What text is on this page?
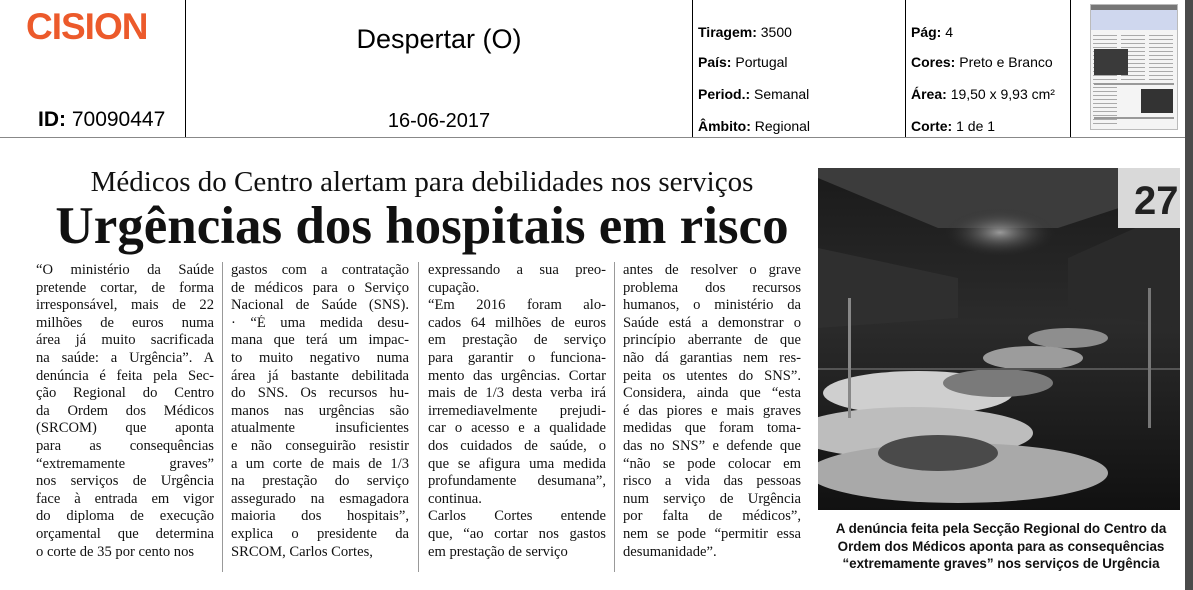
CISION
ID: 70090447
Despertar (O)
16-06-2017
Tiragem: 3500
País: Portugal
Period.: Semanal
Âmbito: Regional
Pág: 4
Cores: Preto e Branco
Área: 19,50 x 9,93 cm²
Corte: 1 de 1
Médicos do Centro alertam para debilidades nos serviços
Urgências dos hospitais em risco
“O ministério da Saúde
pretende cortar, de forma
irresponsável, mais de 22
milhões de euros numa
área já muito sacrificada
na saúde: a Urgência”. A
denúncia é feita pela Sec-
ção Regional do Centro
da Ordem dos Médicos
(SRCOM) que aponta
para as consequências
“extremamente graves”
nos serviços de Urgência
face à entrada em vigor
do diploma de execução
orçamental que determina
o corte de 35 por cento nos
gastos com a contratação
de médicos para o Serviço
Nacional de Saúde (SNS).
· “É uma medida desu-
mana que terá um impac-
to muito negativo numa
área já bastante debilitada
do SNS. Os recursos hu-
manos nas urgências são
atualmente insuficientes
e não conseguirão resistir
a um corte de mais de 1/3
na prestação do serviço
assegurado na esmagadora
maioria dos hospitais”,
explica o presidente da
SRCOM, Carlos Cortes,
expressando a sua preo-
cupação.
“Em 2016 foram alo-
cados 64 milhões de euros
em prestação de serviço
para garantir o funciona-
mento das urgências. Cortar
mais de 1/3 desta verba irá
irremediavelmente prejudi-
car o acesso e a qualidade
dos cuidados de saúde, o
que se afigura uma medida
profundamente desumana”,
continua.
Carlos Cortes entende
que, “ao cortar nos gastos
em prestação de serviço
antes de resolver o grave
problema dos recursos
humanos, o ministério da
Saúde está a demonstrar o
princípio aberrante de que
não dá garantias nem res-
peita os utentes do SNS”.
Considera, ainda que “esta
é das piores e mais graves
medidas que foram toma-
das no SNS” e defende que
“não se pode colocar em
risco a vida das pessoas
num serviço de Urgência
por falta de médicos”,
nem se pode “permitir essa
desumanidade”.
27
A denúncia feita pela Secção Regional do Centro da Ordem dos Médicos aponta para as consequências “extremamente graves” nos serviços de Urgência
